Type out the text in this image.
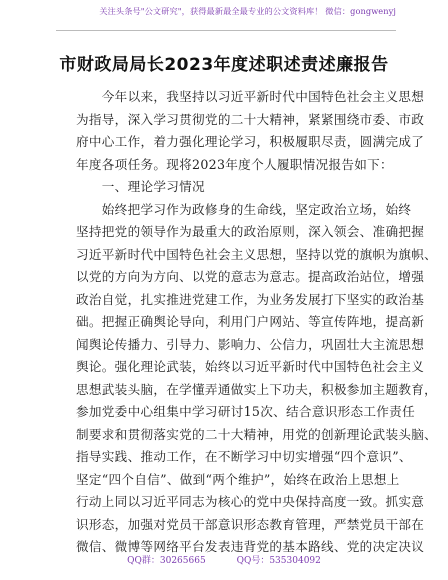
关注头条号"公文研究"，获得最新最全最专业的公文资料库！ 微信：gongwenyj
市财政局局长2023年度述职述责述廉报告
　　今年以来，我坚持以习近平新时代中国特色社会主义思想
为指导，深入学习贯彻党的二十大精神，紧紧围绕市委、市政
府中心工作，着力强化理论学习，积极履职尽责，圆满完成了
年度各项任务。现将2023年度个人履职情况报告如下：
　　一、理论学习情况
　　始终把学习作为政修身的生命线，坚定政治立场，始终
坚持把党的领导作为最重大的政治原则，深入领会、准确把握
习近平新时代中国特色社会主义思想，坚持以党的旗帜为旗帜、
以党的方向为方向、以党的意志为意志。提高政治站位，增强
政治自觉，扎实推进党建工作，为业务发展打下坚实的政治基
础。把握正确舆论导向，利用门户网站、等宣传阵地，提高新
闻舆论传播力、引导力、影响力、公信力，巩固壮大主流思想
舆论。强化理论武装，始终以习近平新时代中国特色社会主义
思想武装头脑，在学懂弄通做实上下功夫，积极参加主题教育，
参加党委中心组集中学习研讨15次、结合意识形态工作责任
制要求和贯彻落实党的二十大精神，用党的创新理论武装头脑、
指导实践、推动工作，在不断学习中切实增强“四个意识”、
坚定“四个自信”、做到“两个维护”，始终在政治上思想上
行动上同以习近平同志为核心的党中央保持高度一致。抓实意
识形态，加强对党员干部意识形态教育管理，严禁党员干部在
微信、微博等网络平台发表违背党的基本路线、党的决定决议
QQ群：30265665	QQ号：535304092
